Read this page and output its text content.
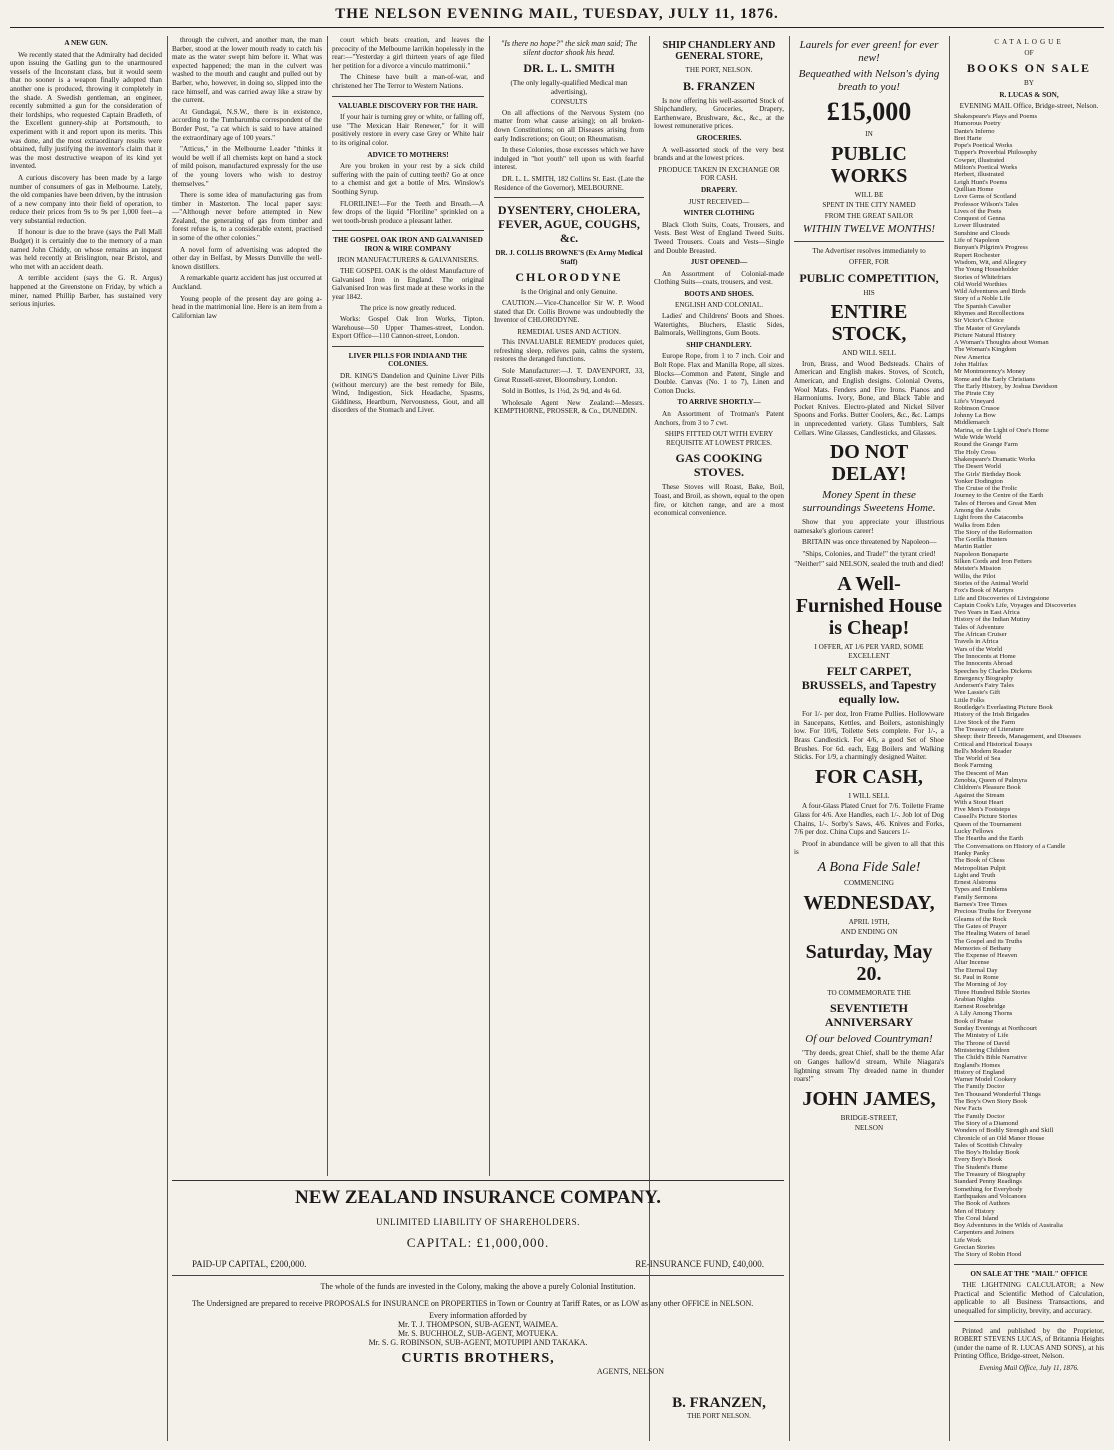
THE NELSON EVENING MAIL, TUESDAY, JULY 11, 1876.
A NEW GUN.

We recently stated that the Admiralty had decided upon issuing the Gatling gun to the unarmoured vessels of the Inconstant class, but it would seem that no sooner is a weapon finally adopted than another one is produced, throwing it completely in the shade. A Swedish gentleman, an engineer, recently submitted a gun for the consideration of their lordships, who requested Captain Bradleth, of the Excellent gunnery-ship at Portsmouth, to experiment with it and report upon its merits. This was done, and the most extraordinary results were obtained, fully justifying the inventor's claim that it was the most destructive weapon of its kind yet invented.

A curious discovery has been made by a large number of consumers of gas in Melbourne. Lately, the old companies have been driven, by the intrusion of a new company into their field of operation, to reduce their prices from 9s to 9s per 1,000 feet—a very substantial reduction.

If honour is due to the brave (says the Pall Mall Budget) it is certainly due to the memory of a man named John Chiddy, on whose remains an inquest was held recently at Brislington, near Bristol, and who met with an accident death.

A terrible accident (says the G. R. Argus) happened at the Greenstone on Friday, by which a miner, named Phillip Barber, has sustained very serious injuries.

through the culvert, and another man, the man Barber, stood at the lower mouth ready to catch his mate as the water swept him before it. What was expected happened; the man in the culvert was washed to the mouth and caught and pulled out by Barber, who, however, in doing so, slipped into the race himself, and was carried away like a straw by the current.

At Gundagai, N.S.W., there is in existence, according to the Tumbarumba correspondent of the Border Post, "a cat which is said to have attained the extraordinary age of 100 years."

"Atticus," in the Melbourne Leader "thinks it would be well if all chemists kept on hand a stock of mild poison, manufactured expressly for the use of the young lovers who wish to destroy themselves."

There is some idea of manufacturing gas from timber in Masterton. The local paper says:—"Although never before attempted in New Zealand, the generating of gas from timber and forest refuse is, to a considerable extent, practised in some of the other colonies."

A novel form of advertising was adopted the other day in Belfast, by Messrs Dunville the well-known distillers.

A remarkable quartz accident has just occurred at Auckland.

Young people of the present day are going a-head in the matrimonial line. Here is an item from a Californian law

court which beats creation, and leaves the precocity of the Melbourne larrikin hopelessly in the rear:—"Yesterday a girl thirteen years of age filed her petition for a divorce a vinculo matrimonii."

The Chinese have built a man-of-war, and christened her The Terror to Western Nations.

VALUABLE DISCOVERY FOR THE HAIR.

If your hair is turning grey or white, or falling off, use "The Mexican Hair Renewer," for it will positively restore in every case Grey or White hair to its original color.

ADVICE TO MOTHERS!

Are you broken in your rest by a sick child suffering with the pain of cutting teeth? Go at once to a chemist and get a bottle of Mrs. Winslow's Soothing Syrup.

FLORILINE!—For the Teeth and Breath.—A few drops of the liquid "Floriline" sprinkled on a wet tooth-brush produce a pleasant lather.

THE GOSPEL OAK IRON AND GALVANISED IRON & WIRE COMPANY
IRON MANUFACTURERS & GALVANISERS.

THE GOSPEL OAK is the oldest Manufacture of Galvanised Iron in England. The original Galvanised Iron was first made at these works in the year 1842.

The price is now greatly reduced.

Works: Gospel Oak Iron Works, Tipton. Warehouse—50 Upper Thames-street, London. Export Office—110 Cannon-street, London.

LIVER PILLS FOR INDIA AND THE COLONIES.

DR. KING'S Dandelion and Quinine Liver Pills (without mercury) are the best remedy for Bile, Wind, Indigestion, Sick Headache, Spasms, Giddiness, Heartburn, Nervousness, Gout, and all disorders of the Stomach and Liver.

"Is there no hope?" the sick man said; The silent doctor shook his head.
DR. L. L. SMITH
(The only legally-qualified Medical man advertising),
CONSULTS

On all affections of the Nervous System (no matter from what cause arising); on all broken-down Constitutions; on all Diseases arising from early Indiscretions; on Gout; on Rheumatism.

In these Colonies, those excesses which we have indulged in "hot youth" tell upon us with fearful interest.

DR. L. L. SMITH, 182 Collins St. East. (Late the Residence of the Governor), MELBOURNE.

DYSENTERY, CHOLERA, FEVER, AGUE, COUGHS, &c.
DR. J. COLLIS BROWNE'S (Ex Army Medical Staff)
CHLORODYNE
Is the Original and only Genuine.

CAUTION.—Vice-Chancellor Sir W. P. Wood stated that Dr. Collis Browne was undoubtedly the Inventor of CHLORODYNE.

REMEDIAL USES AND ACTION.

This INVALUABLE REMEDY produces quiet, refreshing sleep, relieves pain, calms the system, restores the deranged functions.

Sole Manufacturer:—J. T. DAVENPORT, 33, Great Russell-street, Bloomsbury, London.

Sold in Bottles, 1s 1½d, 2s 9d, and 4s 6d.

Wholesale Agent New Zealand:—Messrs. KEMPTHORNE, PROSSER, & Co., DUNEDIN.

SHIP CHANDLERY AND GENERAL STORE,
THE PORT, NELSON.
B. FRANZEN

Is now offering his well-assorted Stock of Shipchandlery, Groceries, Drapery, Earthenware, Brushware, &c., &c., at the lowest remunerative prices.

GROCERIES.

A well-assorted stock of the very best brands and at the lowest prices.

PRODUCE TAKEN IN EXCHANGE OR FOR CASH.
DRAPERY.
JUST RECEIVED—
WINTER CLOTHING

Black Cloth Suits, Coats, Trousers, and Vests. Best West of England Tweed Suits. Tweed Trousers. Coats and Vests—Single and Double Breasted.

JUST OPENED—

An Assortment of Colonial-made Clothing Suits—coats, trousers, and vest.

BOOTS AND SHOES.
ENGLISH AND COLONIAL.

Ladies' and Childrens' Boots and Shoes. Watertights, Bluchers, Elastic Sides, Balmorals, Wellingtons, Gum Boots.

SHIP CHANDLERY.

Europe Rope, from 1 to 7 inch. Coir and Bolt Rope. Flax and Manilla Rope, all sizes. Blocks—Common and Patent, Single and Double. Canvas (No. 1 to 7), Linen and Cotton Ducks.

TO ARRIVE SHORTLY—

An Assortment of Trotman's Patent Anchors, from 3 to 7 cwt.

SHIPS FITTED OUT WITH EVERY REQUISITE AT LOWEST PRICES.
GAS COOKING STOVES.

These Stoves will Roast, Bake, Boil, Toast, and Broil, as shown, equal to the open fire, or kitchen range, and are a most economical convenience.

Laurels for ever green! for ever new!
Bequeathed with Nelson's dying breath to you!
£15,000
IN
PUBLIC WORKS
WILL BE
SPENT IN THE CITY NAMED
FROM THE GREAT SAILOR
WITHIN TWELVE MONTHS!
The Advertiser resolves immediately to
OFFER, FOR
PUBLIC COMPETITION,
HIS
ENTIRE STOCK,
AND WILL SELL

Iron, Brass, and Wood Bedsteads. Chairs of American and English makes. Stoves, of Scotch, American, and English designs. Colonial Ovens, Wool Mats. Fenders and Fire Irons. Pianos and Harmoniums. Ivory, Bone, and Black Table and Pocket Knives. Electro-plated and Nickel Silver Spoons and Forks. Butter Coolers, &c., &c. Lamps in unprecedented variety. Glass Tumblers, Salt Cellars. Wine Glasses, Candlesticks, and Glasses.

DO NOT DELAY!
Money Spent in these surroundings Sweetens Home.

Show that you appreciate your illustrious namesake's glorious career!

BRITAIN was once threatened by Napoleon—

"Ships, Colonies, and Trade!" the tyrant cried!
"Neither!" said NELSON, sealed the truth and died!
A Well-Furnished House is Cheap!
I OFFER, AT 1/6 PER YARD, SOME EXCELLENT
FELT CARPET, BRUSSELS, and Tapestry equally low.

For 1/- per doz, Iron Frame Pullies. Hollowware in Saucepans, Kettles, and Boilers, astonishingly low. For 10/6, Toilette Sets complete. For 1/-, a Brass Candlestick. For 4/6, a good Set of Shoe Brushes. For 6d. each, Egg Boilers and Walking Sticks. For 1/9, a charmingly designed Waiter.

FOR CASH,
I WILL SELL

A four-Glass Plated Cruet for 7/6. Toilette Frame Glass for 4/6. Axe Handles, each 1/-. Job lot of Dog Chains, 1/-. Sorby's Saws, 4/6. Knives and Forks, 7/6 per doz. China Cups and Saucers 1/-

Proof in abundance will be given to all that this is

A Bona Fide Sale!
COMMENCING
WEDNESDAY,
APRIL 19TH,
AND ENDING ON
Saturday, May 20.
TO COMMEMORATE THE
SEVENTIETH ANNIVERSARY
Of our beloved Countryman!

"Thy deeds, great Chief, shall be the theme Afar on Ganges hallow'd stream, While Niagara's lightning stream Thy dreaded name in thunder roars!"

JOHN JAMES,
BRIDGE-STREET,
NELSON
CATALOGUE
OF
BOOKS ON SALE
BY
R. LUCAS & SON,
EVENING MAIL Office, Bridge-street, Nelson.
Shakespeare's Plays and Poems
Humorous Poetry
Dante's Inferno
Bret Harte
Pope's Poetical Works
Tupper's Proverbial Philosophy
Cowper, illustrated
Milton's Poetical Works
Herbert, illustrated
Leigh Hunt's Poems
Quillian Home
Love Gems of Scotland
Professor Wilson's Tales
Lives of the Poets
Conquest of Genna
Lower Illustrated
Sunshine and Clouds
Life of Napoleon
Bunyan's Pilgrim's Progress
Rupert Rochester
Wisdom, Wit, and Allegory
The Young Householder
Stories of Whitefriars
Old World Worthies
Wild Adventures and Birds
Story of a Noble Life
The Spanish Cavalier
Rhymes and Recollections
Sir Victor's Choice
The Master of Greylands
Picture Natural History
A Woman's Thoughts about Woman
The Woman's Kingdom
New America
John Halifax
Mr Montmorency's Money
Rome and the Early Christians
The Early History, by Joshua Davidson
The Pirate City
Life's Vineyard
Robinson Crusoe
Johnny La Bow
Middlemarch
Marina, or the Light of One's Home
Wide Wide World
Round the Grange Farm
The Holy Cross
Shakespeare's Dramatic Works
The Desert World
The Girls' Birthday Book
Yonker Dodington
The Cruise of the Frolic
Journey to the Centre of the Earth
Tales of Heroes and Great Men
Among the Arabs
Light from the Catacombs
Walks from Eden
The Story of the Reformation
The Gorilla Hunters
Martin Rattler
Napoleon Bonaparte
Silken Cords and Iron Fetters
Meister's Mission
Willis, the Pilot
Stories of the Animal World
Fox's Book of Martyrs
Life and Discoveries of Livingstone
Captain Cook's Life, Voyages and Discoveries
Two Years in East Africa
History of the Indian Mutiny
Tales of Adventure
The African Cruiser
Travels in Africa
Wars of the World
The Innocents at Home
The Innocents Abroad
Speeches by Charles Dickens
Emergency Biography
Andersen's Fairy Tales
Wee Lassie's Gift
Little Folks
Routledge's Everlasting Picture Book
History of the Irish Brigades
Live Stock of the Farm
The Treasury of Literature
Sheep: their Breeds, Management, and Diseases
Critical and Historical Essays
Bell's Modern Reader
The World of Sea
Book Farming
The Descent of Man
Zenobia, Queen of Palmyra
Children's Pleasure Book
Against the Stream
With a Stout Heart
Five Men's Footsteps
Cassell's Picture Stories
Queen of the Tournament
Lucky Fellows
The Hearths and the Earth
The Conversations on History of a Candle
Hanky Panky
The Book of Chess
Metropolitan Pulpit
Light and Truth
Ernest Alstroms
Types and Emblems
Family Sermons
Barnes's Tree Times
Precious Truths for Everyone
Gleams of the Rock
The Gates of Prayer
The Healing Waters of Israel
The Gospel and its Truths
Memories of Bethany
The Expense of Heaven
Altar Incense
The Eternal Day
St. Paul in Rome
The Morning of Joy
Three Hundred Bible Stories
Arabian Nights
Earnest Rosebridge
A Lily Among Thorns
Book of Praise
Sunday Evenings at Northcourt
The Ministry of Life
The Throne of David
Ministering Children
The Child's Bible Narrative
England's Homes
History of England
Warner Model Cookery
The Family Doctor
Ten Thousand Wonderful Things
The Boy's Own Story Book
New Facts
The Family Doctor
The Story of a Diamond
Wonders of Bodily Strength and Skill
Chronicle of an Old Manor House
Tales of Scottish Chivalry
The Boy's Holiday Book
Every Boy's Book
The Student's Hume
The Treasury of Biography
Standard Penny Readings
Something for Everybody
Earthquakes and Volcanoes
The Book of Authors
Men of History
The Coral Island
Boy Adventures in the Wilds of Australia
Carpenters and Joiners
Life Work
Grecian Stories
The Story of Robin Hood
ON SALE AT THE "MAIL" OFFICE

THE LIGHTNING CALCULATOR; a New Practical and Scientific Method of Calculation, applicable to all Business Transactions, and unequalled for simplicity, brevity, and accuracy.

Printed and published by the Proprietor, ROBERT STEVENS LUCAS, of Britannia Heights (under the name of R. LUCAS AND SONS), at his Printing Office, Bridge-street, Nelson.

Evening Mail Office, July 11, 1876.
NEW ZEALAND INSURANCE COMPANY.
UNLIMITED LIABILITY OF SHAREHOLDERS.
CAPITAL: £1,000,000.
PAID-UP CAPITAL, £200,000.	RE-INSURANCE FUND, £40,000.
The whole of the funds are invested in the Colony, making the above a purely Colonial Institution.
The Undersigned are prepared to receive PROPOSALS for INSURANCE on PROPERTIES in Town or Country at Tariff Rates, or as LOW as any other OFFICE in NELSON.
Every information afforded by
Mr. T. J. THOMPSON, SUB-AGENT, WAIMEA.
Mr. S. BUCHHOLZ, SUB-AGENT, MOTUEKA.
Mr. S. G. ROBINSON, SUB-AGENT, MOTUPIPI AND TAKAKA.
CURTIS BROTHERS,
AGENTS, NELSON
B. FRANZEN,
THE PORT NELSON.
